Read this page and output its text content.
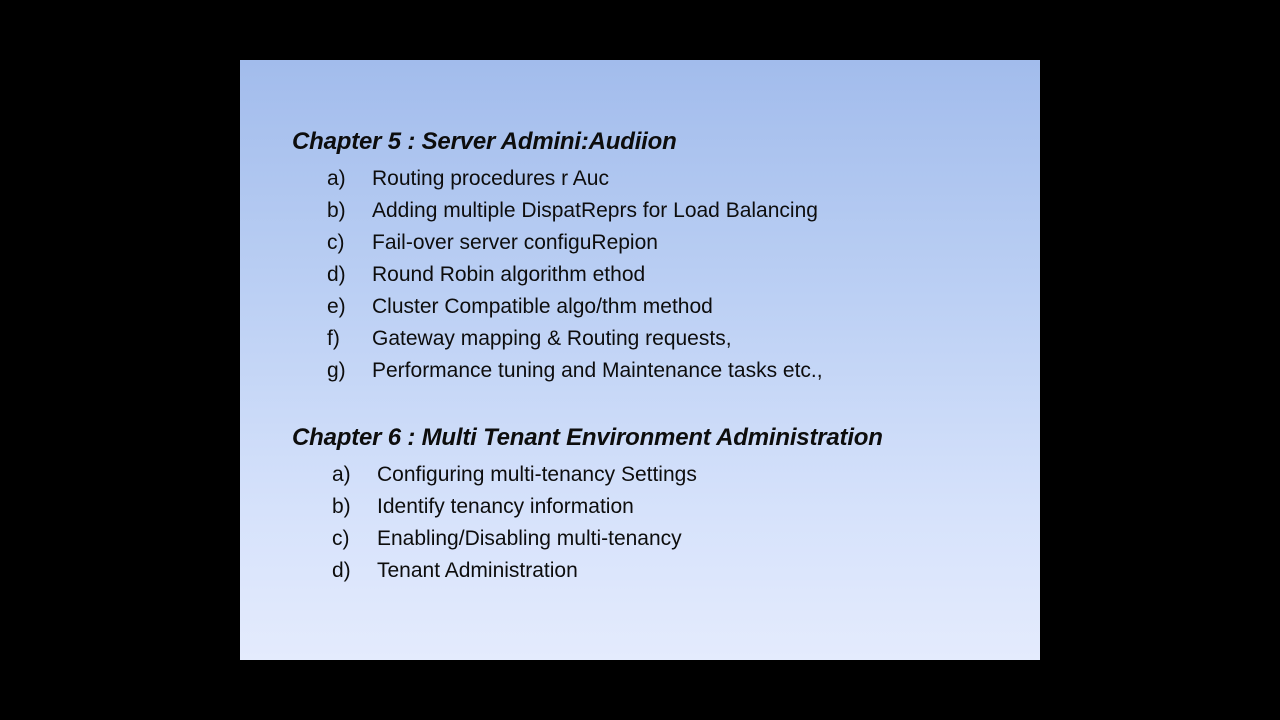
Chapter 5 : Server Admini:Audiion
a)	Routing procedures r Auc
b)	Adding multiple DispatReprs for Load Balancing
c)	Fail-over server configuRepion
d)	Round Robin algorithm ethod
e)	Cluster Compatible algo/thm method
f)	Gateway mapping & Routing requests,
g)	Performance tuning and Maintenance tasks etc.,
Chapter 6 : Multi Tenant Environment Administration
a)	Configuring multi-tenancy Settings
b)	Identify tenancy information
c)	Enabling/Disabling multi-tenancy
d)	Tenant Administration
